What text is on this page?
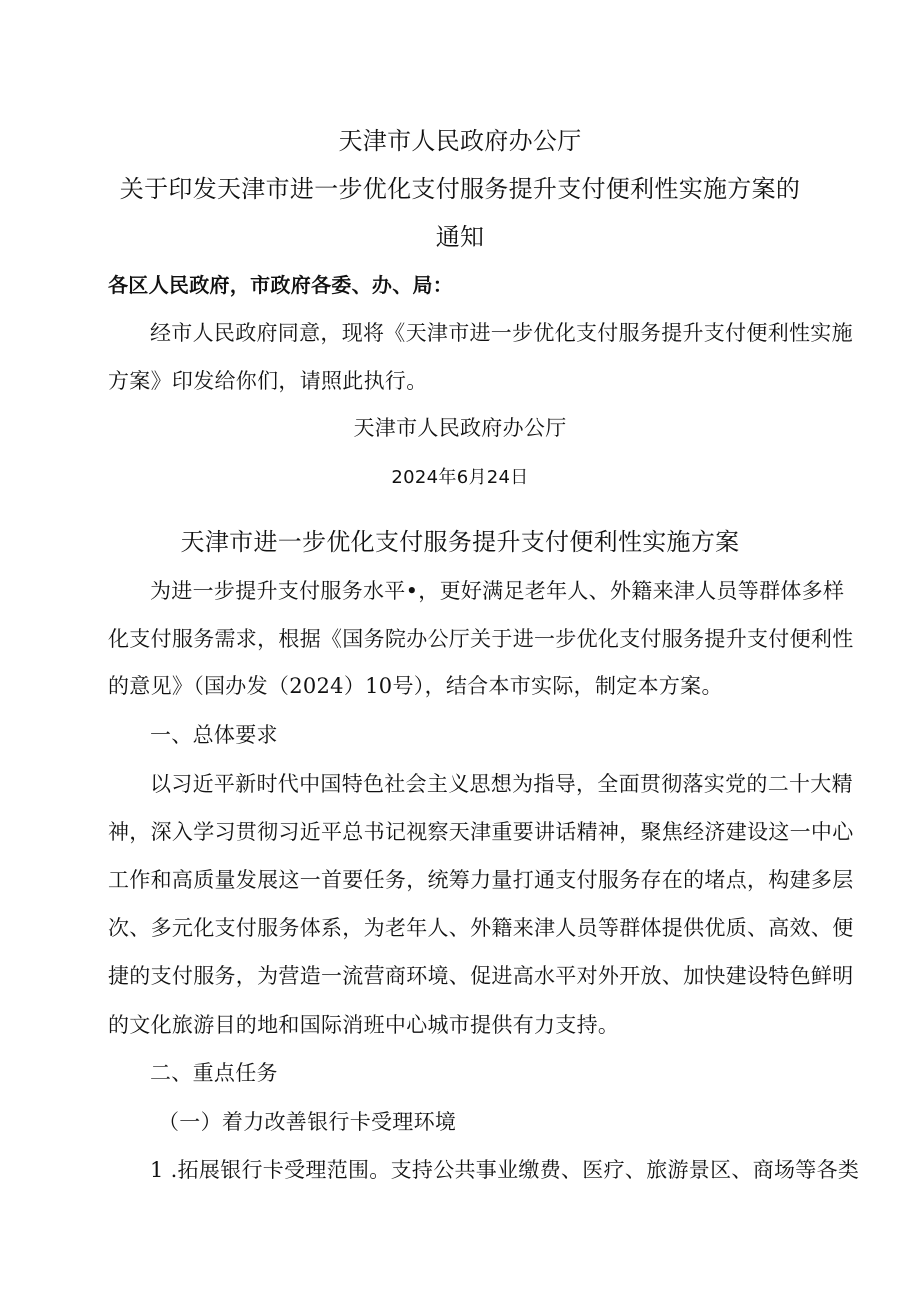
天津市人民政府办公厅
关于印发天津市进一步优化支付服务提升支付便利性实施方案的
通知
各区人民政府，市政府各委、办、局：
经市人民政府同意，现将《天津市进一步优化支付服务提升支付便利性实施
方案》印发给你们，请照此执行。
天津市人民政府办公厅
2024年6月24日
天津市进一步优化支付服务提升支付便利性实施方案
为进一步提升支付服务水平•，更好满足老年人、外籍来津人员等群体多样
化支付服务需求，根据《国务院办公厅关于进一步优化支付服务提升支付便利性
的意见》（国办发（2024）10号），结合本市实际，制定本方案。
一、总体要求
以习近平新时代中国特色社会主义思想为指导，全面贯彻落实党的二十大精
神，深入学习贯彻习近平总书记视察天津重要讲话精神，聚焦经济建设这一中心
工作和高质量发展这一首要任务，统筹力量打通支付服务存在的堵点，构建多层
次、多元化支付服务体系，为老年人、外籍来津人员等群体提供优质、高效、便
捷的支付服务，为营造一流营商环境、促进高水平对外开放、加快建设特色鲜明
的文化旅游目的地和国际消班中心城市提供有力支持。
二、重点任务
（一）着力改善银行卡受理环境
1 .拓展银行卡受理范围。支持公共事业缴费、医疗、旅游景区、商场等各类
